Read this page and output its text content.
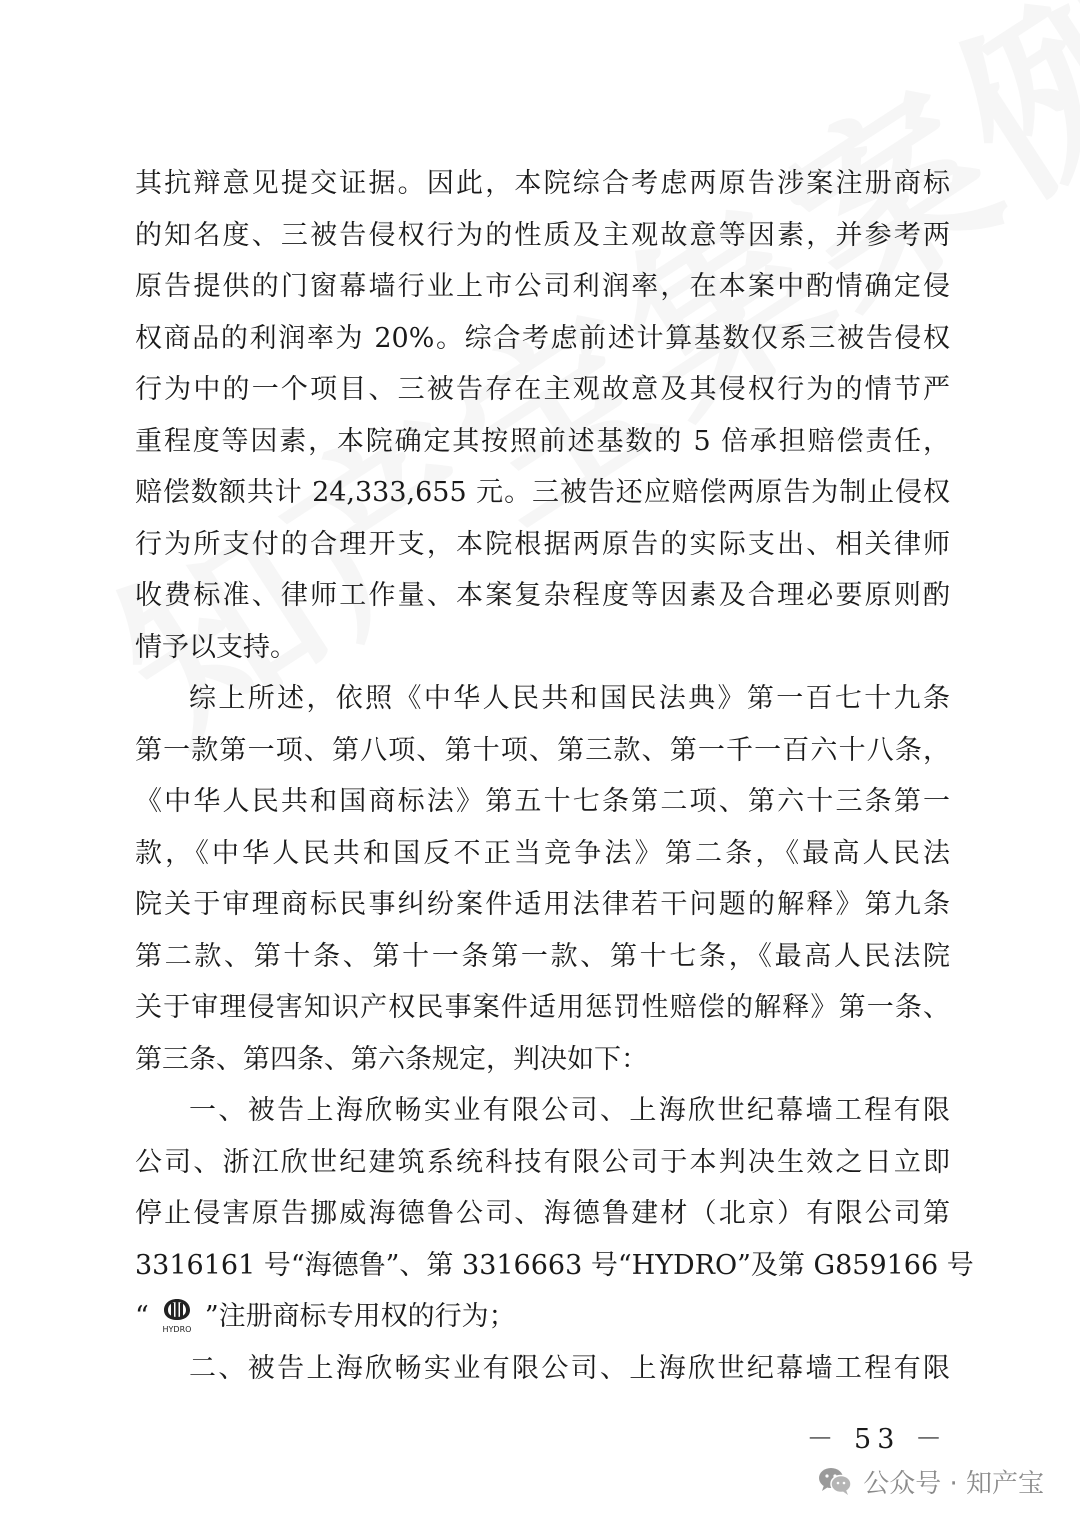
其抗辩意见提交证据。因此，本院综合考虑两原告涉案注册商标
的知名度、三被告侵权行为的性质及主观故意等因素，并参考两
原告提供的门窗幕墙行业上市公司利润率，在本案中酌情确定侵
权商品的利润率为 20%。综合考虑前述计算基数仅系三被告侵权
行为中的一个项目、三被告存在主观故意及其侵权行为的情节严
重程度等因素，本院确定其按照前述基数的 5 倍承担赔偿责任，
赔偿数额共计 24,333,655 元。三被告还应赔偿两原告为制止侵权
行为所支付的合理开支，本院根据两原告的实际支出、相关律师
收费标准、律师工作量、本案复杂程度等因素及合理必要原则酌
情予以支持。
综上所述，依照《中华人民共和国民法典》第一百七十九条
第一款第一项、第八项、第十项、第三款、第一千一百六十八条，
《中华人民共和国商标法》第五十七条第二项、第六十三条第一
款，《中华人民共和国反不正当竞争法》第二条，《最高人民法
院关于审理商标民事纠纷案件适用法律若干问题的解释》第九条
第二款、第十条、第十一条第一款、第十七条，《最高人民法院
关于审理侵害知识产权民事案件适用惩罚性赔偿的解释》第一条、
第三条、第四条、第六条规定，判决如下：
一、被告上海欣畅实业有限公司、上海欣世纪幕墙工程有限
公司、浙江欣世纪建筑系统科技有限公司于本判决生效之日立即
停止侵害原告挪威海德鲁公司、海德鲁建材（北京）有限公司第
3316161 号“海德鲁”、第 3316663 号“HYDRO”及第 G859166 号
“ HYDRO ”注册商标专用权的行为；
二、被告上海欣畅实业有限公司、上海欣世纪幕墙工程有限
－ 53 －
公众号 · 知产宝
